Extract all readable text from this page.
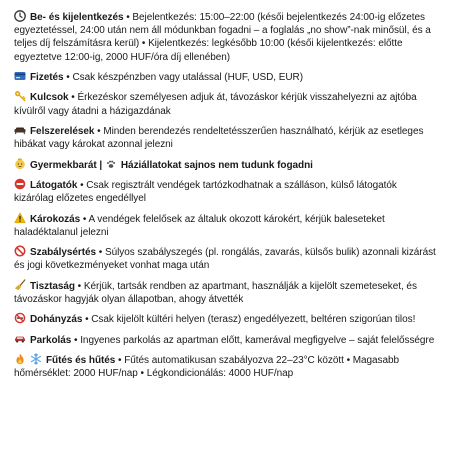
Be- és kijelentkezés • Bejelentkezés: 15:00–22:00 (késői bejelentkezés 24:00-ig előzetes egyeztetéssel, 24:00 után nem áll módunkban fogadni – a foglalás „no show”-nak minősül, és a teljes díj felszámításra kerül) • Kijelentkezés: legkésőbb 10:00 (késői kijelentkezés: előtte egyeztetve 12:00-ig, 2000 HUF/óra díj ellenében)

Fizetés • Csak készpénzben vagy utalással (HUF, USD, EUR)

Kulcsok • Érkezéskor személyesen adjuk át, távozáskor kérjük visszahelyezni az ajtóba kívülről vagy átadni a házigazdának

Felszerelések • Minden berendezés rendeltetésszerűen használható, kérjük az esetleges hibákat vagy károkat azonnal jelezni

Gyermekbarát |
Háziállatokat sajnos nem tudunk fogadni

Látogatók • Csak regisztrált vendégek tartózkodhatnak a szálláson, külső látogatók kizárólag előzetes engedéllyel

Károkozás • A vendégek felelősek az általuk okozott károkért, kérjük baleseteket haladéktalanul jelezni

Szabálysértés • Súlyos szabályszegés (pl. rongálás, zavarás, külsős bulik) azonnali kizárást és jogi következményeket vonhat maga után

Tisztaság • Kérjük, tartsák rendben az apartmant, használják a kijelölt szemeteseket, és távozáskor hagyják olyan állapotban, ahogy átvették

Dohányzás • Csak kijelölt kültéri helyen (terasz) engedélyezett, beltéren szigorúan tilos!

Parkolás • Ingyenes parkolás az apartman előtt, kamerával megfigyelve – saját felelősségre

Fűtés és hűtés • Fűtés automatikusan szabályozva 22–23°C között • Magasabb hőmérséklet: 2000 HUF/nap • Légkondicionálás: 4000 HUF/nap
